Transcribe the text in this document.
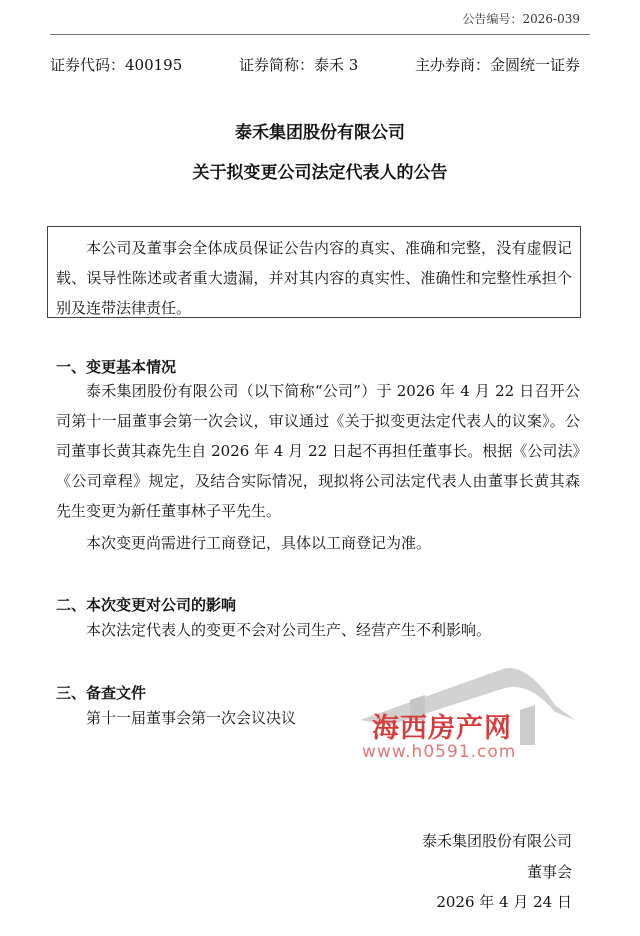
公告编号：2026-039
证券代码：400195	证券简称：泰禾 3	主办券商：金圆统一证券
泰禾集团股份有限公司
关于拟变更公司法定代表人的公告
本公司及董事会全体成员保证公告内容的真实、准确和完整，没有虚假记载、误导性陈述或者重大遗漏，并对其内容的真实性、准确性和完整性承担个别及连带法律责任。
一、变更基本情况
泰禾集团股份有限公司（以下简称“公司”）于 2026 年 4 月 22 日召开公司第十一届董事会第一次会议，审议通过《关于拟变更法定代表人的议案》。公司董事长黄其森先生自 2026 年 4 月 22 日起不再担任董事长。根据《公司法》《公司章程》规定，及结合实际情况，现拟将公司法定代表人由董事长黄其森先生变更为新任董事林子平先生。
本次变更尚需进行工商登记，具体以工商登记为准。
二、本次变更对公司的影响
本次法定代表人的变更不会对公司生产、经营产生不利影响。
三、备查文件
第十一届董事会第一次会议决议	海西房产网
www.h0591.com
泰禾集团股份有限公司
董事会
2026 年 4 月 24 日
